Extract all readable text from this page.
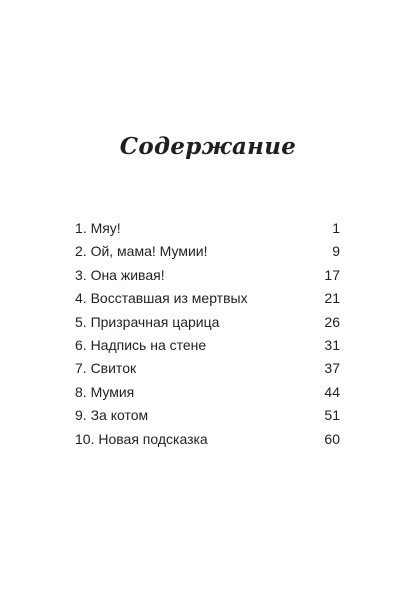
Содержание
1. Мяу!	1
2. Ой, мама! Мумии!	9
3. Она живая!	17
4. Восставшая из мертвых	21
5. Призрачная царица	26
6. Надпись на стене	31
7. Свиток	37
8. Мумия	44
9. За котом	51
10. Новая подсказка	60
